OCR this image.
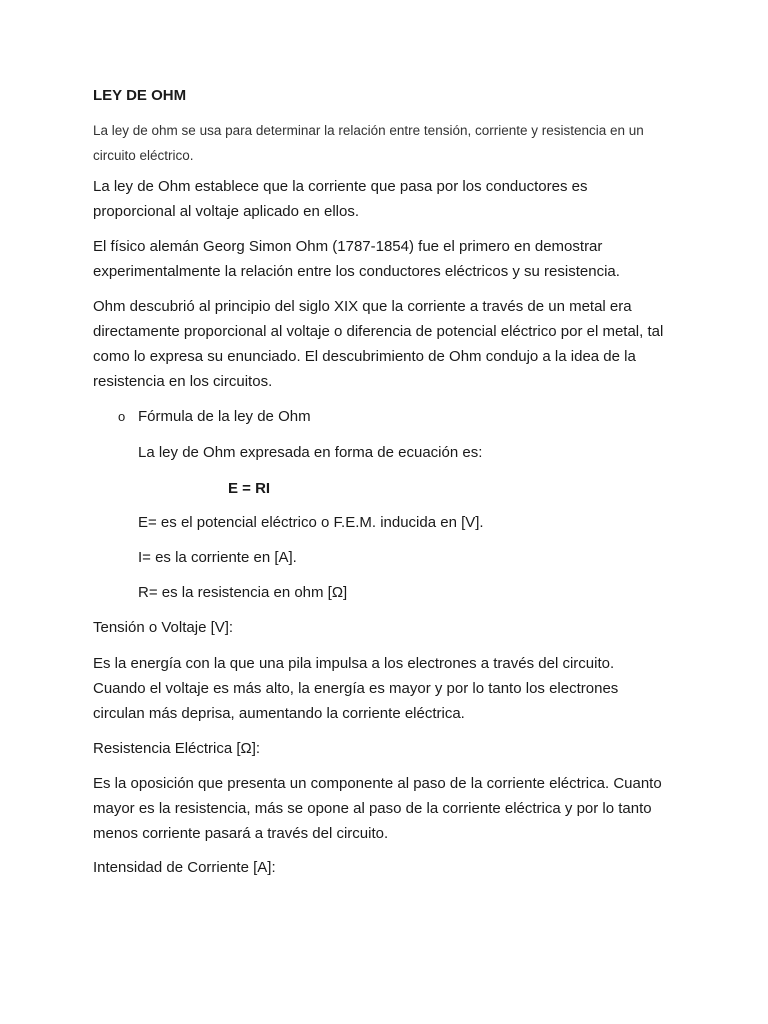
LEY DE OHM

La ley de ohm se usa para determinar la relación entre tensión, corriente y resistencia en un circuito eléctrico.

La ley de Ohm establece que la corriente que pasa por los conductores es proporcional al voltaje aplicado en ellos.

El físico alemán Georg Simon Ohm (1787-1854) fue el primero en demostrar experimentalmente la relación entre los conductores eléctricos y su resistencia.

Ohm descubrió al principio del siglo XIX que la corriente a través de un metal era directamente proporcional al voltaje o diferencia de potencial eléctrico por el metal, tal como lo expresa su enunciado. El descubrimiento de Ohm condujo a la idea de la resistencia en los circuitos.

o Fórmula de la ley de Ohm

La ley de Ohm expresada en forma de ecuación es:

E = RI

E= es el potencial eléctrico o F.E.M. inducida en [V].

I= es la corriente en [A].

R= es la resistencia en ohm [Ω]

Tensión o Voltaje [V]:

Es la energía con la que una pila impulsa a los electrones a través del circuito. Cuando el voltaje es más alto, la energía es mayor y por lo tanto los electrones circulan más deprisa, aumentando la corriente eléctrica.

Resistencia Eléctrica [Ω]:

Es la oposición que presenta un componente al paso de la corriente eléctrica. Cuanto mayor es la resistencia, más se opone al paso de la corriente eléctrica y por lo tanto menos corriente pasará a través del circuito.

Intensidad de Corriente [A]:
